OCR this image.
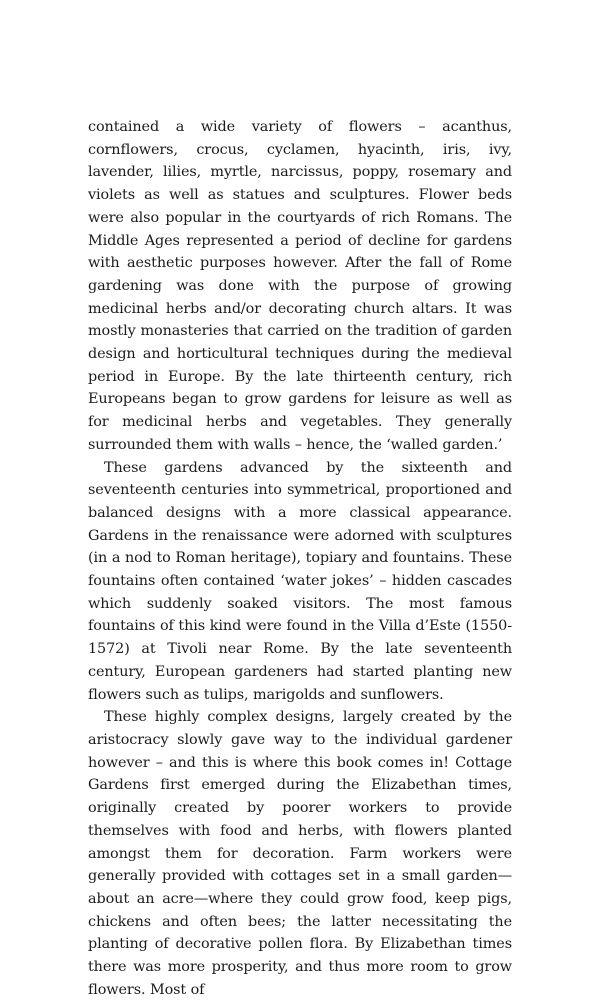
contained a wide variety of flowers – acanthus, cornflowers, crocus, cyclamen, hyacinth, iris, ivy, lavender, lilies, myrtle, narcissus, poppy, rosemary and violets as well as statues and sculptures. Flower beds were also popular in the courtyards of rich Romans. The Middle Ages represented a period of decline for gardens with aesthetic purposes however. After the fall of Rome gardening was done with the purpose of growing medicinal herbs and/or decorating church altars. It was mostly monasteries that carried on the tradition of garden design and horticultural techniques during the medieval period in Europe. By the late thirteenth century, rich Europeans began to grow gardens for leisure as well as for medicinal herbs and vegetables. They generally surrounded them with walls – hence, the ‘walled garden.’

These gardens advanced by the sixteenth and seventeenth centuries into symmetrical, proportioned and balanced designs with a more classical appearance. Gardens in the renaissance were adorned with sculptures (in a nod to Roman heritage), topiary and fountains. These fountains often contained ‘water jokes’ – hidden cascades which suddenly soaked visitors. The most famous fountains of this kind were found in the Villa d’Este (1550-1572) at Tivoli near Rome. By the late seventeenth century, European gardeners had started planting new flowers such as tulips, marigolds and sunflowers.

These highly complex designs, largely created by the aristocracy slowly gave way to the individual gardener however – and this is where this book comes in! Cottage Gardens first emerged during the Elizabethan times, originally created by poorer workers to provide themselves with food and herbs, with flowers planted amongst them for decoration. Farm workers were generally provided with cottages set in a small garden—about an acre—where they could grow food, keep pigs, chickens and often bees; the latter necessitating the planting of decorative pollen flora. By Elizabethan times there was more prosperity, and thus more room to grow flowers. Most of
